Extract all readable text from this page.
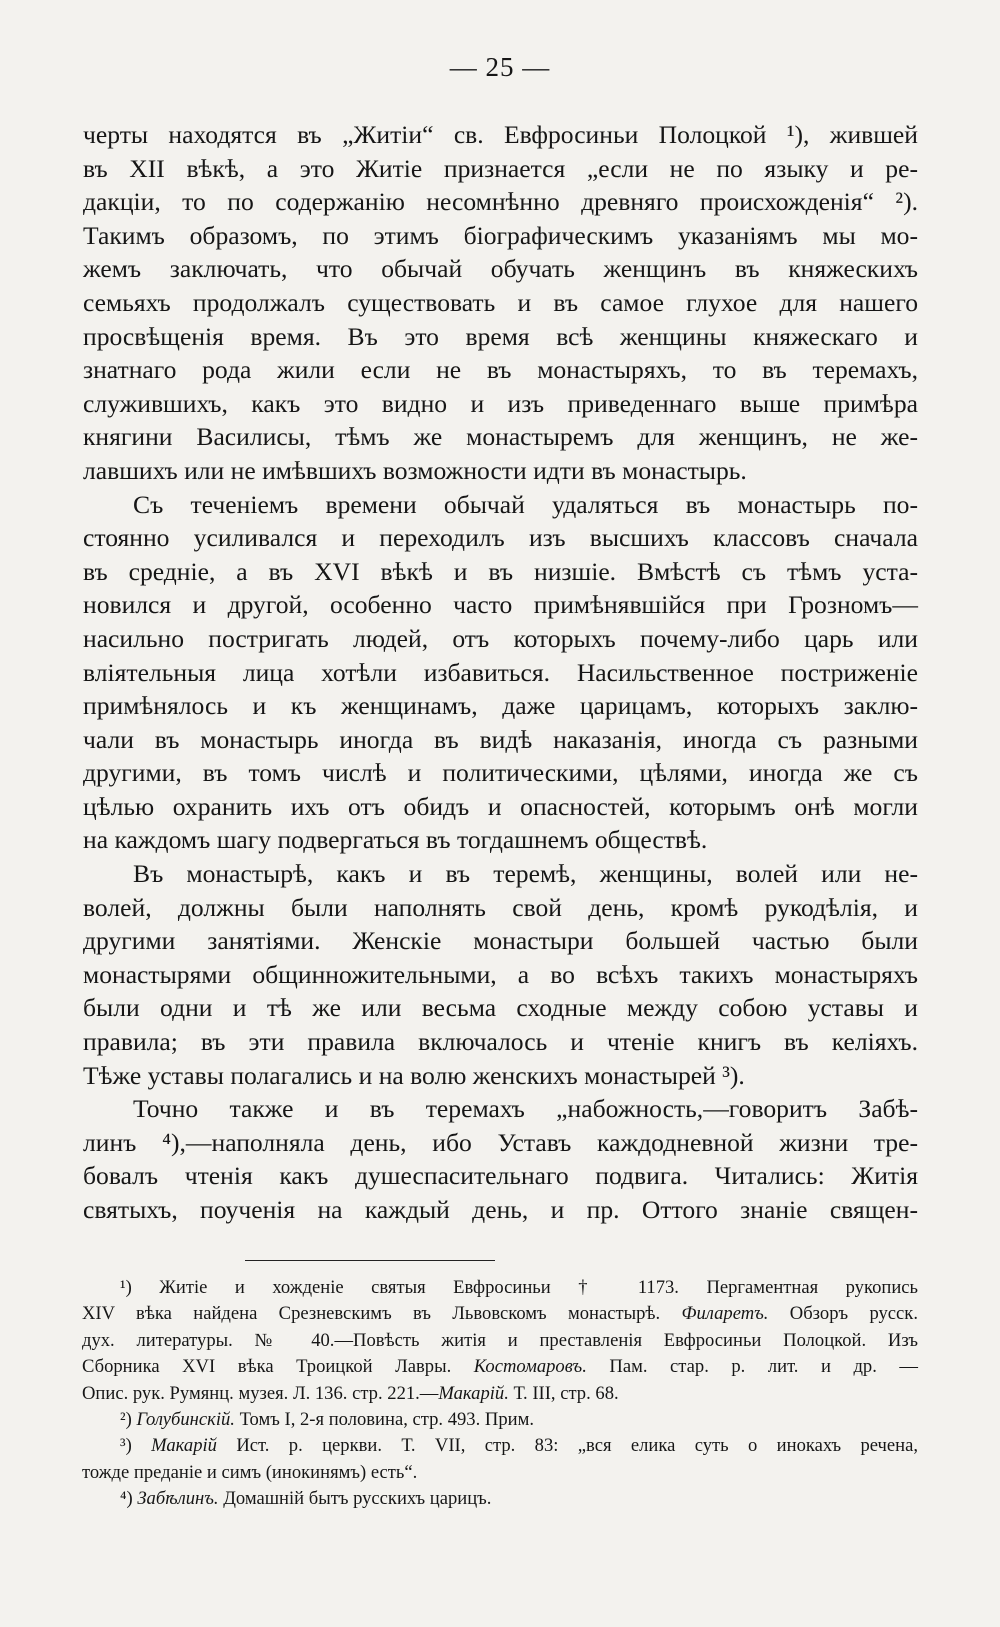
— 25 —
черты находятся въ „Житіи“ св. Евфросиньи Полоцкой ¹), жившей
въ XII вѣкѣ, а это Житіе признается „если не по языку и ре-
дакціи, то по содержанію несомнѣнно древняго происхожденія“ ²).
Такимъ образомъ, по этимъ біографическимъ указаніямъ мы мо-
жемъ заключать, что обычай обучать женщинъ въ княжескихъ
семьяхъ продолжалъ существовать и въ самое глухое для нашего
просвѣщенія время. Въ это время всѣ женщины княжескаго и
знатнаго рода жили если не въ монастыряхъ, то въ теремахъ,
служившихъ, какъ это видно и изъ приведеннаго выше примѣра
княгини Василисы, тѣмъ же монастыремъ для женщинъ, не же-
лавшихъ или не имѣвшихъ возможности идти въ монастырь.
Съ теченіемъ времени обычай удаляться въ монастырь по-
стоянно усиливался и переходилъ изъ высшихъ классовъ сначала
въ средніе, а въ XVI вѣкѣ и въ низшіе. Вмѣстѣ съ тѣмъ уста-
новился и другой, особенно часто примѣнявшійся при Грозномъ—
насильно постригать людей, отъ которыхъ почему-либо царь или
вліятельныя лица хотѣли избавиться. Насильственное постриженіе
примѣнялось и къ женщинамъ, даже царицамъ, которыхъ заклю-
чали въ монастырь иногда въ видѣ наказанія, иногда съ разными
другими, въ томъ числѣ и политическими, цѣлями, иногда же съ
цѣлью охранить ихъ отъ обидъ и опасностей, которымъ онѣ могли
на каждомъ шагу подвергаться въ тогдашнемъ обществѣ.
Въ монастырѣ, какъ и въ теремѣ, женщины, волей или не-
волей, должны были наполнять свой день, кромѣ рукодѣлія, и
другими занятіями. Женскіе монастыри большей частью были
монастырями общинножительными, а во всѣхъ такихъ монастыряхъ
были одни и тѣ же или весьма сходные между собою уставы и
правила; въ эти правила включалось и чтеніе книгъ въ келіяхъ.
Тѣже уставы полагались и на волю женскихъ монастырей ³).
Точно также и въ теремахъ „набожность,—говоритъ Забѣ-
линъ ⁴),—наполняла день, ибо Уставъ каждодневной жизни тре-
бовалъ чтенія какъ душеспасительнаго подвига. Читались: Житія
святыхъ, поученія на каждый день, и пр. Оттого знаніе священ-
¹) Житіе и хожденіе святыя Евфросиньи † 1173. Пергаментная рукопись
XIV вѣка найдена Срезневскимъ въ Львовскомъ монастырѣ. Филаретъ. Обзоръ русск.
дух. литературы. № 40.—Повѣсть житія и преставленія Евфросиньи Полоцкой. Изъ
Сборника XVI вѣка Троицкой Лавры. Костомаровъ. Пам. стар. р. лит. и др. —
Опис. рук. Румянц. музея. Л. 136. стр. 221.—Макарій. Т. III, стр. 68.
²) Голубинскій. Томъ I, 2-я половина, стр. 493. Прим.
³) Макарій Ист. р. церкви. Т. VII, стр. 83: „вся елика суть о инокахъ речена,
тожде преданіе и симъ (инокинямъ) есть“.
⁴) Забѣлинъ. Домашній бытъ русскихъ царицъ.
